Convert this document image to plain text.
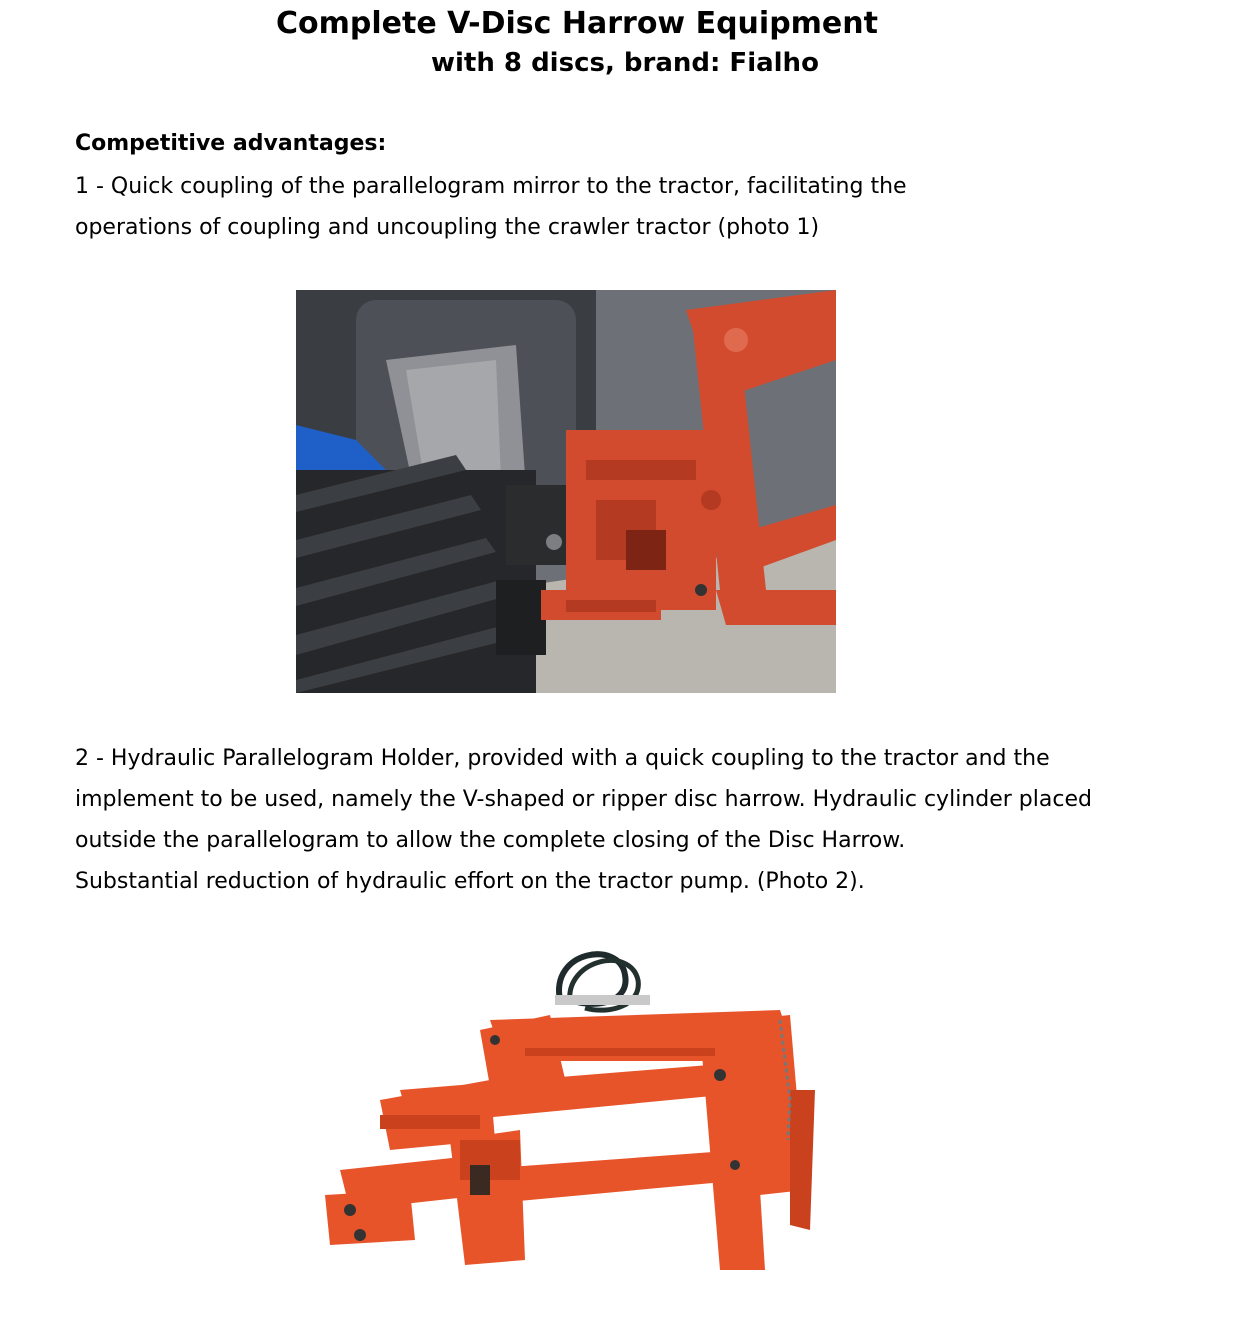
Complete V-Disc Harrow Equipment
with 8 discs, brand: Fialho
Competitive advantages:

1 - Quick coupling of the parallelogram mirror to the tractor, facilitating the
operations of coupling and uncoupling the crawler tractor (photo 1)

2 - Hydraulic Parallelogram Holder, provided with a quick coupling to the tractor and the
implement to be used, namely the V-shaped or ripper disc harrow. Hydraulic cylinder placed
outside the parallelogram to allow the complete closing of the Disc Harrow.
Substantial reduction of hydraulic effort on the tractor pump. (Photo 2).
